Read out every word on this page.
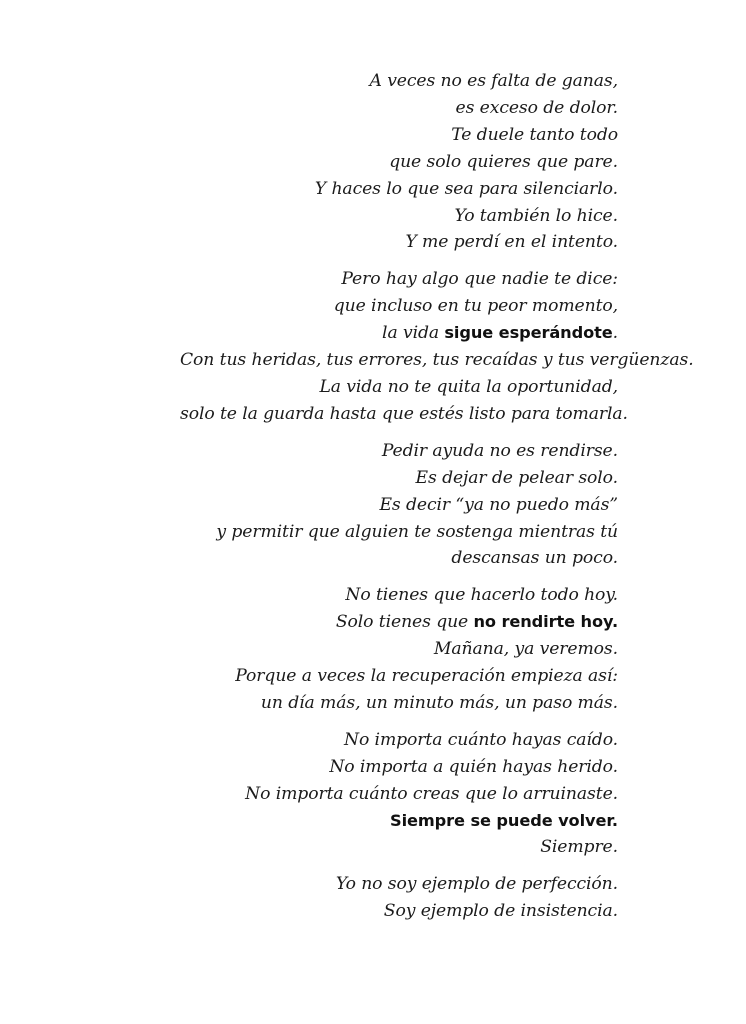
A veces no es falta de ganas,
es exceso de dolor.
Te duele tanto todo
que solo quieres que pare.
Y haces lo que sea para silenciarlo.
Yo también lo hice.
Y me perdí en el intento.
Pero hay algo que nadie te dice:
que incluso en tu peor momento,
la vida sigue esperándote.
Con tus heridas, tus errores, tus recaídas y tus vergüenzas.
La vida no te quita la oportunidad,
solo te la guarda hasta que estés listo para tomarla.
Pedir ayuda no es rendirse.
Es dejar de pelear solo.
Es decir “ya no puedo más”
y permitir que alguien te sostenga mientras tú descansas un poco.
No tienes que hacerlo todo hoy.
Solo tienes que no rendirte hoy.
Mañana, ya veremos.
Porque a veces la recuperación empieza así:
un día más, un minuto más, un paso más.
No importa cuánto hayas caído.
No importa a quién hayas herido.
No importa cuánto creas que lo arruinaste.
Siempre se puede volver.
Siempre.
Yo no soy ejemplo de perfección.
Soy ejemplo de insistencia.
